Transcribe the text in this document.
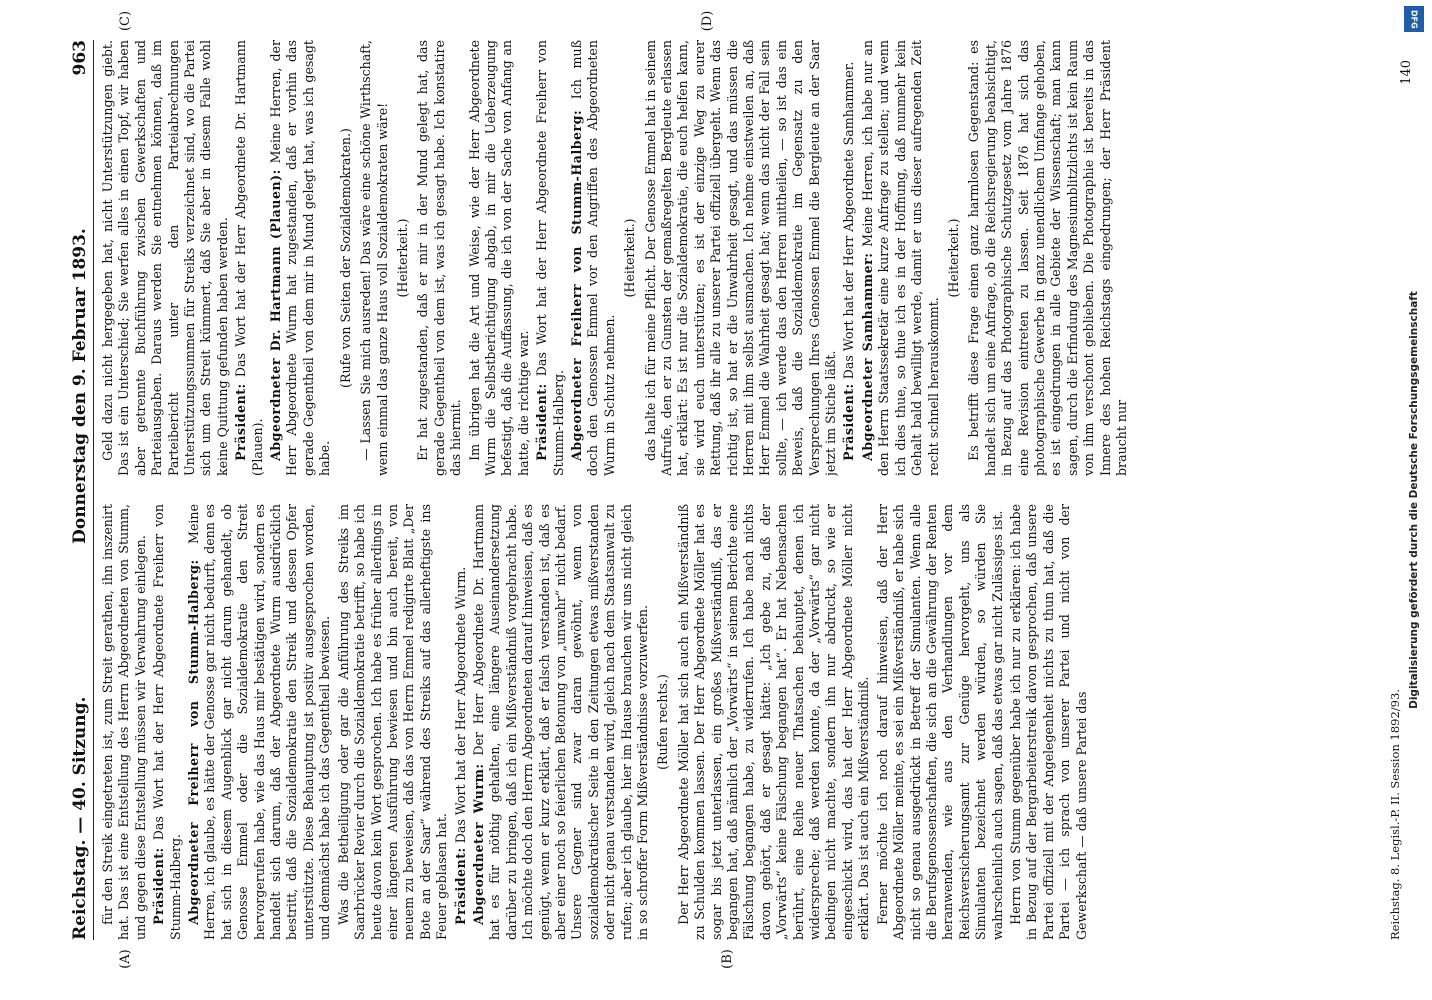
Reichstag. — 40. Sitzung.
Donnerstag den 9. Februar 1893.
963
(A)	(B)
(C)	(D)

für den Streik eingetreten ist, zum Streit gerathen, ihn inszenirt hat. Das ist eine Entstellung des Herrn Abgeordneten von Stumm, und gegen diese Entstellung müssen wir Verwahrung einlegen. Präsident: Das Wort hat der Herr Abgeordnete Freiherr von Stumm-Halberg. Abgeordneter Freiherr von Stumm-Halberg: Meine Herren, ich glaube, es hätte der Genosse gar nicht bedurft, denn es hat sich in diesem Augenblick gar nicht darum gehandelt, ob Genosse Emmel oder die Sozialdemokratie den Streit hervorgerufen habe, wie das Haus mir bestätigen wird, sondern es handelt sich darum, daß der Abgeordnete Wurm ausdrücklich bestritt, daß die Sozialdemokratie den Streik und dessen Opfer unterstützte. Diese Behauptung ist positiv ausgesprochen worden, und demnächst habe ich das Gegentheil bewiesen. Was die Betheiligung oder gar die Anführung des Streiks im Saarbrücker Revier durch die Sozialdemokratie betrifft, so habe ich heute davon kein Wort gesprochen. Ich habe es früher allerdings in einer längeren Ausführung bewiesen und bin auch bereit, von neuem zu beweisen, daß das von Herrn Emmel redigirte Blatt „Der Bote an der Saar“ während des Streiks auf das allerheftigste ins Feuer geblasen hat. Präsident: Das Wort hat der Herr Abgeordnete Wurm.

Abgeordneter Wurm: Der Herr Abgeordnete Dr. Hartmann hat es für nöthig gehalten, eine längere Auseinandersetzung darüber zu bringen, daß ich ein Mißverständniß vorgebracht habe. Ich möchte doch den Herrn Abgeordneten darauf hinweisen, daß es genügt, wenn er kurz erklärt, daß er falsch verstanden ist, daß es aber einer noch so feierlichen Betonung von „unwahr“ nicht bedarf. Unsere Gegner sind zwar daran gewöhnt, wenn von sozialdemokratischer Seite in den Zeitungen etwas mißverstanden oder nicht genau verstanden wird, gleich nach dem Staatsanwalt zu rufen; aber ich glaube, hier im Hause brauchen wir uns nicht gleich in so schroffer Form Mißverständnisse vorzuwerfen. (Rufen rechts.) Der Herr Abgeordnete Möller hat sich auch ein Mißverständniß zu Schulden kommen lassen. Der Herr Abgeordnete Möller hat es sogar bis jetzt unterlassen, ein großes Mißverständniß, das er begangen hat, daß nämlich der „Vorwärts“ in seinem Berichte eine Fälschung begangen habe, zu widerrufen. Ich habe nach nichts davon gehört, daß er gesagt hätte: „Ich gebe zu, daß der „Vorwärts“ keine Fälschung begangen hat“. Er hat Nebensachen berührt, eine Reihe neuer Thatsachen behauptet, denen ich widerspreche; daß werden konnte, da der „Vorwärts“ gar nicht bedingen nicht machte, sondern ihn nur abdruckt, so wie er eingeschickt wird, das hat der Herr Abgeordnete Möller nicht erklärt. Das ist auch ein Mißverständniß. Ferner möchte ich noch darauf hinweisen, daß der Herr Abgeordnete Möller meinte, es sei ein Mißverständniß, er habe sich nicht so genau ausgedrückt in Betreff der Simulanten. Wenn alle die Berufsgenossenschaften, die sich an die Gewährung der Renten heranwenden, wie aus den Verhandlungen vor dem Reichsversicherungsamt zur Genüge hervorgeht, uns als Simulanten bezeichnet werden würden, so würden Sie wahrscheinlich auch sagen, daß das etwas gar nicht Zulässiges ist. Herrn von Stumm gegenüber habe ich nur zu erklären: ich habe in Bezug auf der Bergarbeiterstreik davon gesprochen, daß unsere Partei offiziell mit der Angelegenheit nichts zu thun hat, daß die Partei — ich sprach von unserer Partei und nicht von der Gewerkschaft — daß unsere Partei das

Geld dazu nicht hergegeben hat, nicht Unterstützungen giebt. Das ist ein Unterschied; Sie werfen alles in einen Topf, wir haben aber getrennte Buchführung zwischen Gewerkschaften und Parteiausgaben. Daraus werden Sie entnehmen können, daß im Parteibericht unter den Parteiabrechnungen Unterstützungssummen für Streiks verzeichnet sind, wo die Partei sich um den Streit kümmert, daß Sie aber in diesem Falle wohl keine Quittung gefunden haben werden. Präsident: Das Wort hat der Herr Abgeordnete Dr. Hartmann (Plauen). Abgeordneter Dr. Hartmann (Plauen): Meine Herren, der Herr Abgeordnete Wurm hat zugestanden, daß er vorhin das gerade Gegentheil von dem mir in Mund gelegt hat, was ich gesagt habe.

(Rufe von Seiten der Sozialdemokraten.) — Lassen Sie mich ausreden! Das wäre eine schöne Wirthschaft, wenn einmal das ganze Haus voll Sozialdemokraten wäre! (Heiterkeit.) Er hat zugestanden, daß er mir in der Mund gelegt hat, das gerade Gegentheil von dem ist, was ich gesagt habe. Ich konstatire das hiermit. Im übrigen hat die Art und Weise, wie der Herr Abgeordnete Wurm die Selbstberichtigung abgab, in mir die Ueberzeugung befestigt, daß die Auffassung, die ich von der Sache von Anfang an hatte, die richtige war. Präsident: Das Wort hat der Herr Abgeordnete Freiherr von Stumm-Halberg. Abgeordneter Freiherr von Stumm-Halberg: Ich muß doch den Genossen Emmel vor den Angriffen des Abgeordneten Wurm in Schutz nehmen.

(Heiterkeit.) das halte ich für meine Pflicht. Der Genosse Emmel hat in seinem Aufrufe, den er zu Gunsten der gemaßregelten Bergleute erlassen hat, erklärt: Es ist nur die Sozialdemokratie, die euch helfen kann, sie wird euch unterstützen; es ist der einzige Weg zu eurer Rettung, daß ihr alle zu unserer Partei offiziell übergeht. Wenn das richtig ist, so hat er die Unwahrheit gesagt, und das müssen die Herren mit ihm selbst ausmachen. Ich nehme einstweilen an, daß Herr Emmel die Wahrheit gesagt hat; wenn das nicht der Fall sein sollte, — ich werde das den Herren mittheilen, — so ist das ein Beweis, daß die Sozialdemokratie im Gegensatz zu den Versprechungen Ihres Genossen Emmel die Bergleute an der Saar jetzt im Stiche läßt. Präsident: Das Wort hat der Herr Abgeordnete Samhammer. Abgeordneter Samhammer: Meine Herren, ich habe nur an den Herrn Staatssekretär eine kurze Anfrage zu stellen; und wenn ich dies thue, so thue ich es in der Hoffnung, daß nunmehr kein Gehalt bald bewilligt werde, damit er uns dieser aufregenden Zeit recht schnell herauskommt.

(Heiterkeit.) Es betrifft diese Frage einen ganz harmlosen Gegenstand: es handelt sich um eine Anfrage, ob die Reichsregierung beabsichtigt, in Bezug auf das Photographische Schutzgesetz vom Jahre 1876 eine Revision eintreten zu lassen. Seit 1876 hat sich das photographische Gewerbe in ganz unendlichem Umfange gehoben, es ist eingedrungen in alle Gebiete der Wissenschaft; man kann sagen, durch die Erfindung des Magnesiumblitzlichts ist kein Raum von ihm verschont geblieben. Die Photographie ist bereits in das Innere des hohen Reichstags eingedrungen; der Herr Präsident braucht nur

Reichstag. 8. Legisl.-P. II. Session 1892/93.
140
DFG
Digitalisierung gefördert durch die Deutsche Forschungsgemeinschaft
